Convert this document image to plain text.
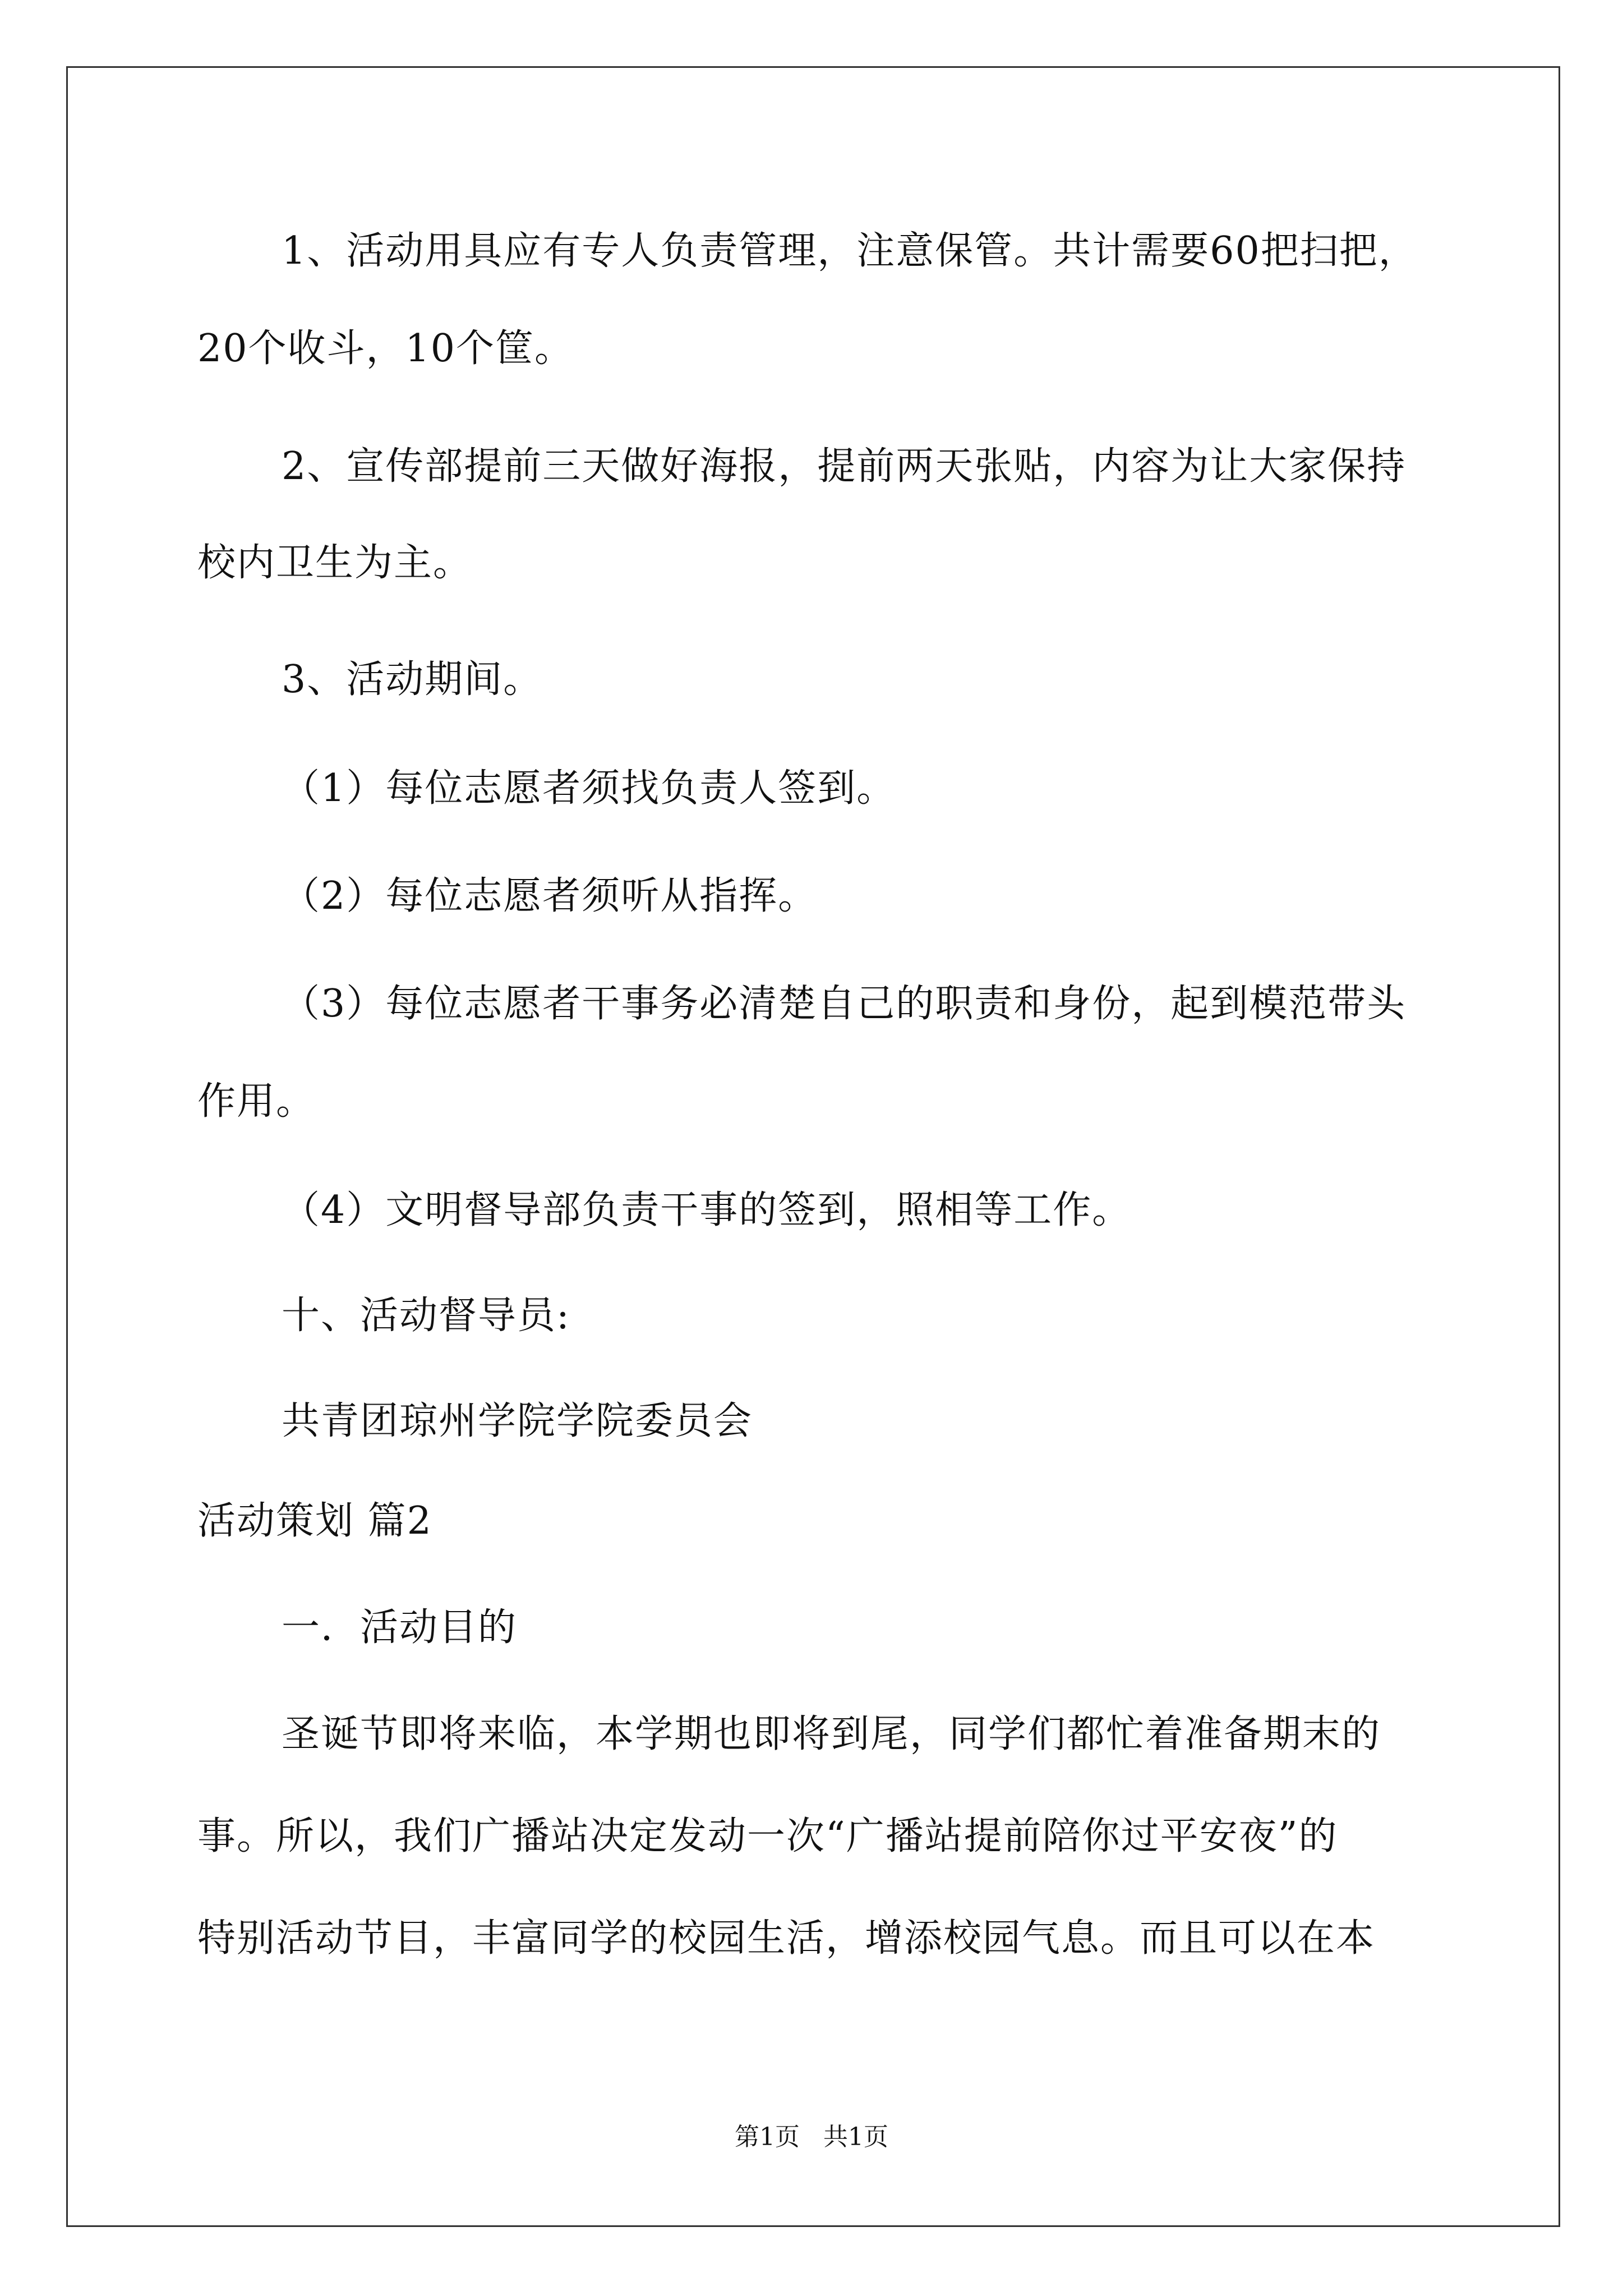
1、活动用具应有专人负责管理，注意保管。共计需要60把扫把，

20个收斗，10个筐。

2、宣传部提前三天做好海报，提前两天张贴，内容为让大家保持

校内卫生为主。

3、活动期间。

（1）每位志愿者须找负责人签到。

（2）每位志愿者须听从指挥。

（3）每位志愿者干事务必清楚自己的职责和身份，起到模范带头

作用。

（4）文明督导部负责干事的签到，照相等工作。

十、活动督导员:

共青团琼州学院学院委员会

活动策划 篇2

一．活动目的

圣诞节即将来临，本学期也即将到尾，同学们都忙着准备期末的

事。所以，我们广播站决定发动一次“广播站提前陪你过平安夜”的

特别活动节目，丰富同学的校园生活，增添校园气息。而且可以在本

第1页   共1页
